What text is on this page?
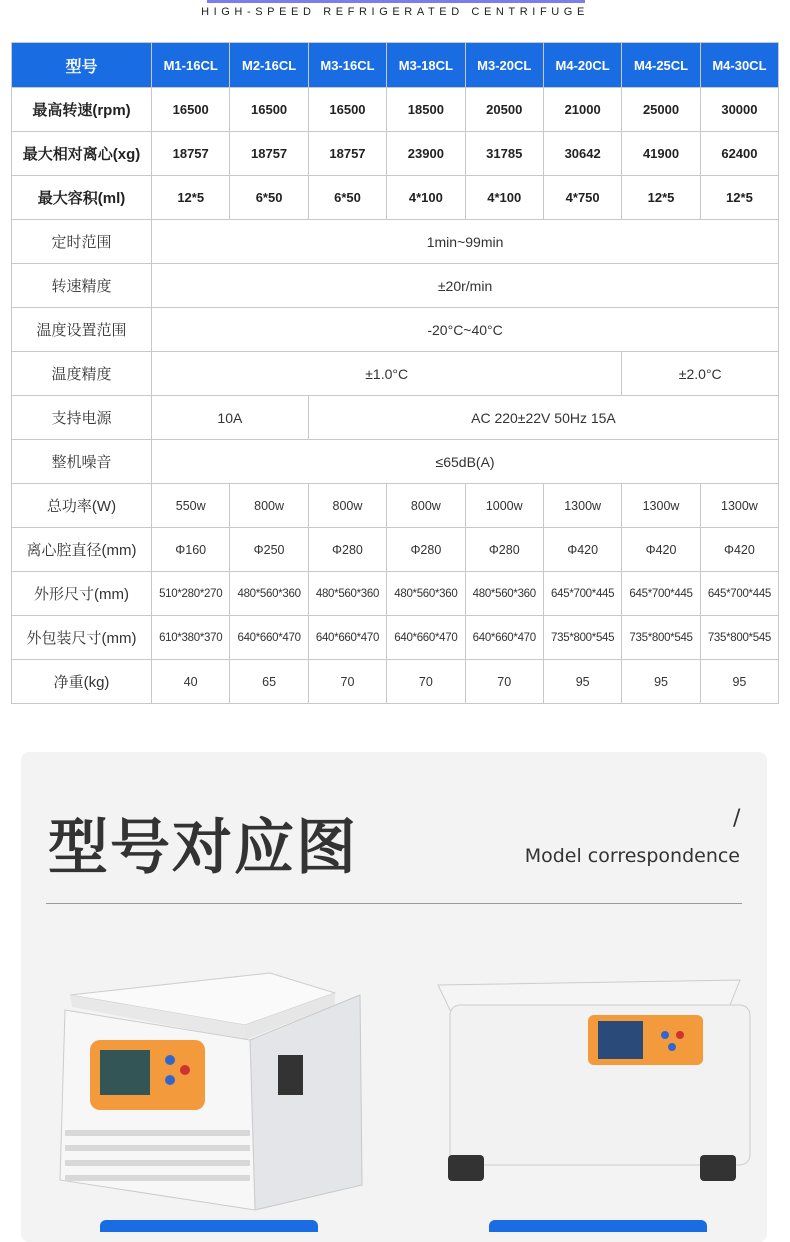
HIGH-SPEED REFRIGERATED CENTRIFUGE
型号	M1-16CL	M2-16CL	M3-16CL	M3-18CL	M3-20CL	M4-20CL	M4-25CL	M4-30CL
最高转速(rpm)	16500	16500	16500	18500	20500	21000	25000	30000
最大相对离心(xg)	18757	18757	18757	23900	31785	30642	41900	62400
最大容积(ml)	12*5	6*50	6*50	4*100	4*100	4*750	12*5	12*5
定时范围	1min~99min							
转速精度	±20r/min							
温度设置范围	-20°C~40°C							
温度精度	±1.0°C						±2.0°C	
支持电源	10A		AC 220±22V 50Hz 15A					
整机噪音	≤65dB(A)							
总功率(W)	550w	800w	800w	800w	1000w	1300w	1300w	1300w
离心腔直径(mm)	Φ160	Φ250	Φ280	Φ280	Φ280	Φ420	Φ420	Φ420
外形尺寸(mm)	510*280*270	480*560*360	480*560*360	480*560*360	480*560*360	645*700*445	645*700*445	645*700*445
外包装尺寸(mm)	610*380*370	640*660*470	640*660*470	640*660*470	640*660*470	735*800*545	735*800*545	735*800*545
净重(kg)	40	65	70	70	70	95	95	95
型号对应图	/
Model correspondence
